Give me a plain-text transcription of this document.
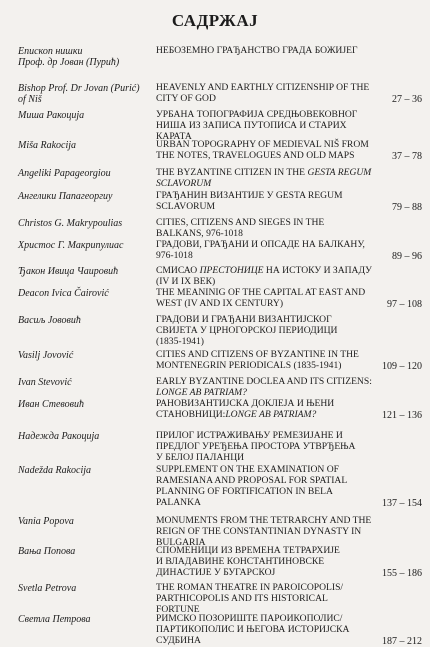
САДРЖАЈ
Епископ нишки
Проф. др Јован (Пурић)
НЕБОЗЕМНО ГРАЂАНСТВО ГРАДА БОЖИЈЕГ
Bishop Prof. Dr Jovan (Purić)
of Niš
HEAVENLY AND EARTHLY CITIZENSHIP OF THE
CITY OF GOD	27 – 36
Миша Ракоција	УРБАНА ТОПОГРАФИЈА СРЕДЊОВЕКОВНОГ
НИША ИЗ ЗАПИСА ПУТОПИСА И СТАРИХ
КАРАТА
Miša Rakocija	URBAN TOPOGRAPHY OF MEDIEVAL NIŠ FROM
THE NOTES, TRAVELOGUES AND OLD MAPS	37 – 78
Angeliki Papageorgiou	THE BYZANTINE CITIZEN IN THE GESTA REGUM
SCLAVORUM
Ангелики Папагеоргиу	ГРАЂАНИН ВИЗАНТИЈЕ У GESTA REGUM
SCLAVORUM	79 – 88
Christos G. Makrypoulias	CITIES, CITIZENS AND SIEGES IN THE
BALKANS, 976-1018
Христос Г. Макрипулиас	ГРАДОВИ, ГРАЂАНИ И ОПСАДЕ НА БАЛКАНУ,
976-1018	89 – 96
Ђакон Ивица Чаировић	СМИСАО ПРЕСТОНИЦЕ НА ИСТОКУ И ЗАПАДУ
(IV И IX ВЕК)
Deacon Ivica Čairović	THE MEANINIG OF THE CAPITAL AT EAST AND
WEST (IV AND IX CENTURY)	97 – 108
Васиљ Јововић	ГРАДОВИ И ГРАЂАНИ ВИЗАНТИЈСКОГ
СВИЈЕТА У ЦРНОГОРСКОЈ ПЕРИОДИЦИ
(1835-1941)
Vasilj Jovović	CITIES AND CITIZENS OF BYZANTINE IN THE
MONTENEGRIN PERIODICALS (1835-1941)	109 – 120
Ivan Stevović	EARLY BYZANTINE DOCLEA AND ITS CITIZENS:
LONGE AB PATRIAM?
Иван Стевовић	РАНОВИЗАНТИЈСКА ДОКЛЕЈА И ЊЕНИ
СТАНОВНИЦИ:LONGE AB PATRIAM?	121 – 136
Надежда Ракоција	ПРИЛОГ ИСТРАЖИВАЊУ РЕМЕЗИЈАНЕ И
ПРЕДЛОГ УРЕЂЕЊА ПРОСТОРА УТВРЂЕЊА
У БЕЛОЈ ПАЛАНЦИ
Nadežda Rakocija	SUPPLEMENT ON THE EXAMINATION OF
RAMESIANA AND PROPOSAL FOR SPATIAL
PLANNING OF FORTIFICATION IN BELA
PALANKA	137 – 154
Vania Popova	MONUMENTS FROM THE TETRARCHY AND THE
REIGN OF THE CONSTANTINIAN DYNASTY IN
BULGARIA
Вања Попова	СПОМЕНИЦИ ИЗ ВРЕМЕНА ТЕТРАРХИЈЕ
И ВЛАДАВИНЕ КОНСТАНТИНОВСКЕ
ДИНАСТИЈЕ У БУГАРСКОЈ	155 – 186
Svetla Petrova	THE ROMAN THEATRE IN PAROICOPOLIS/
PARTHICOPOLIS AND ITS HISTORICAL
FORTUNE
Светла Петрова	РИМСКО ПОЗОРИШТЕ ПАРОИКОПОЛИС/
ПАРТИКОПОЛИС И ЊЕГОВА ИСТОРИЈСКА
СУДБИНА	187 – 212
